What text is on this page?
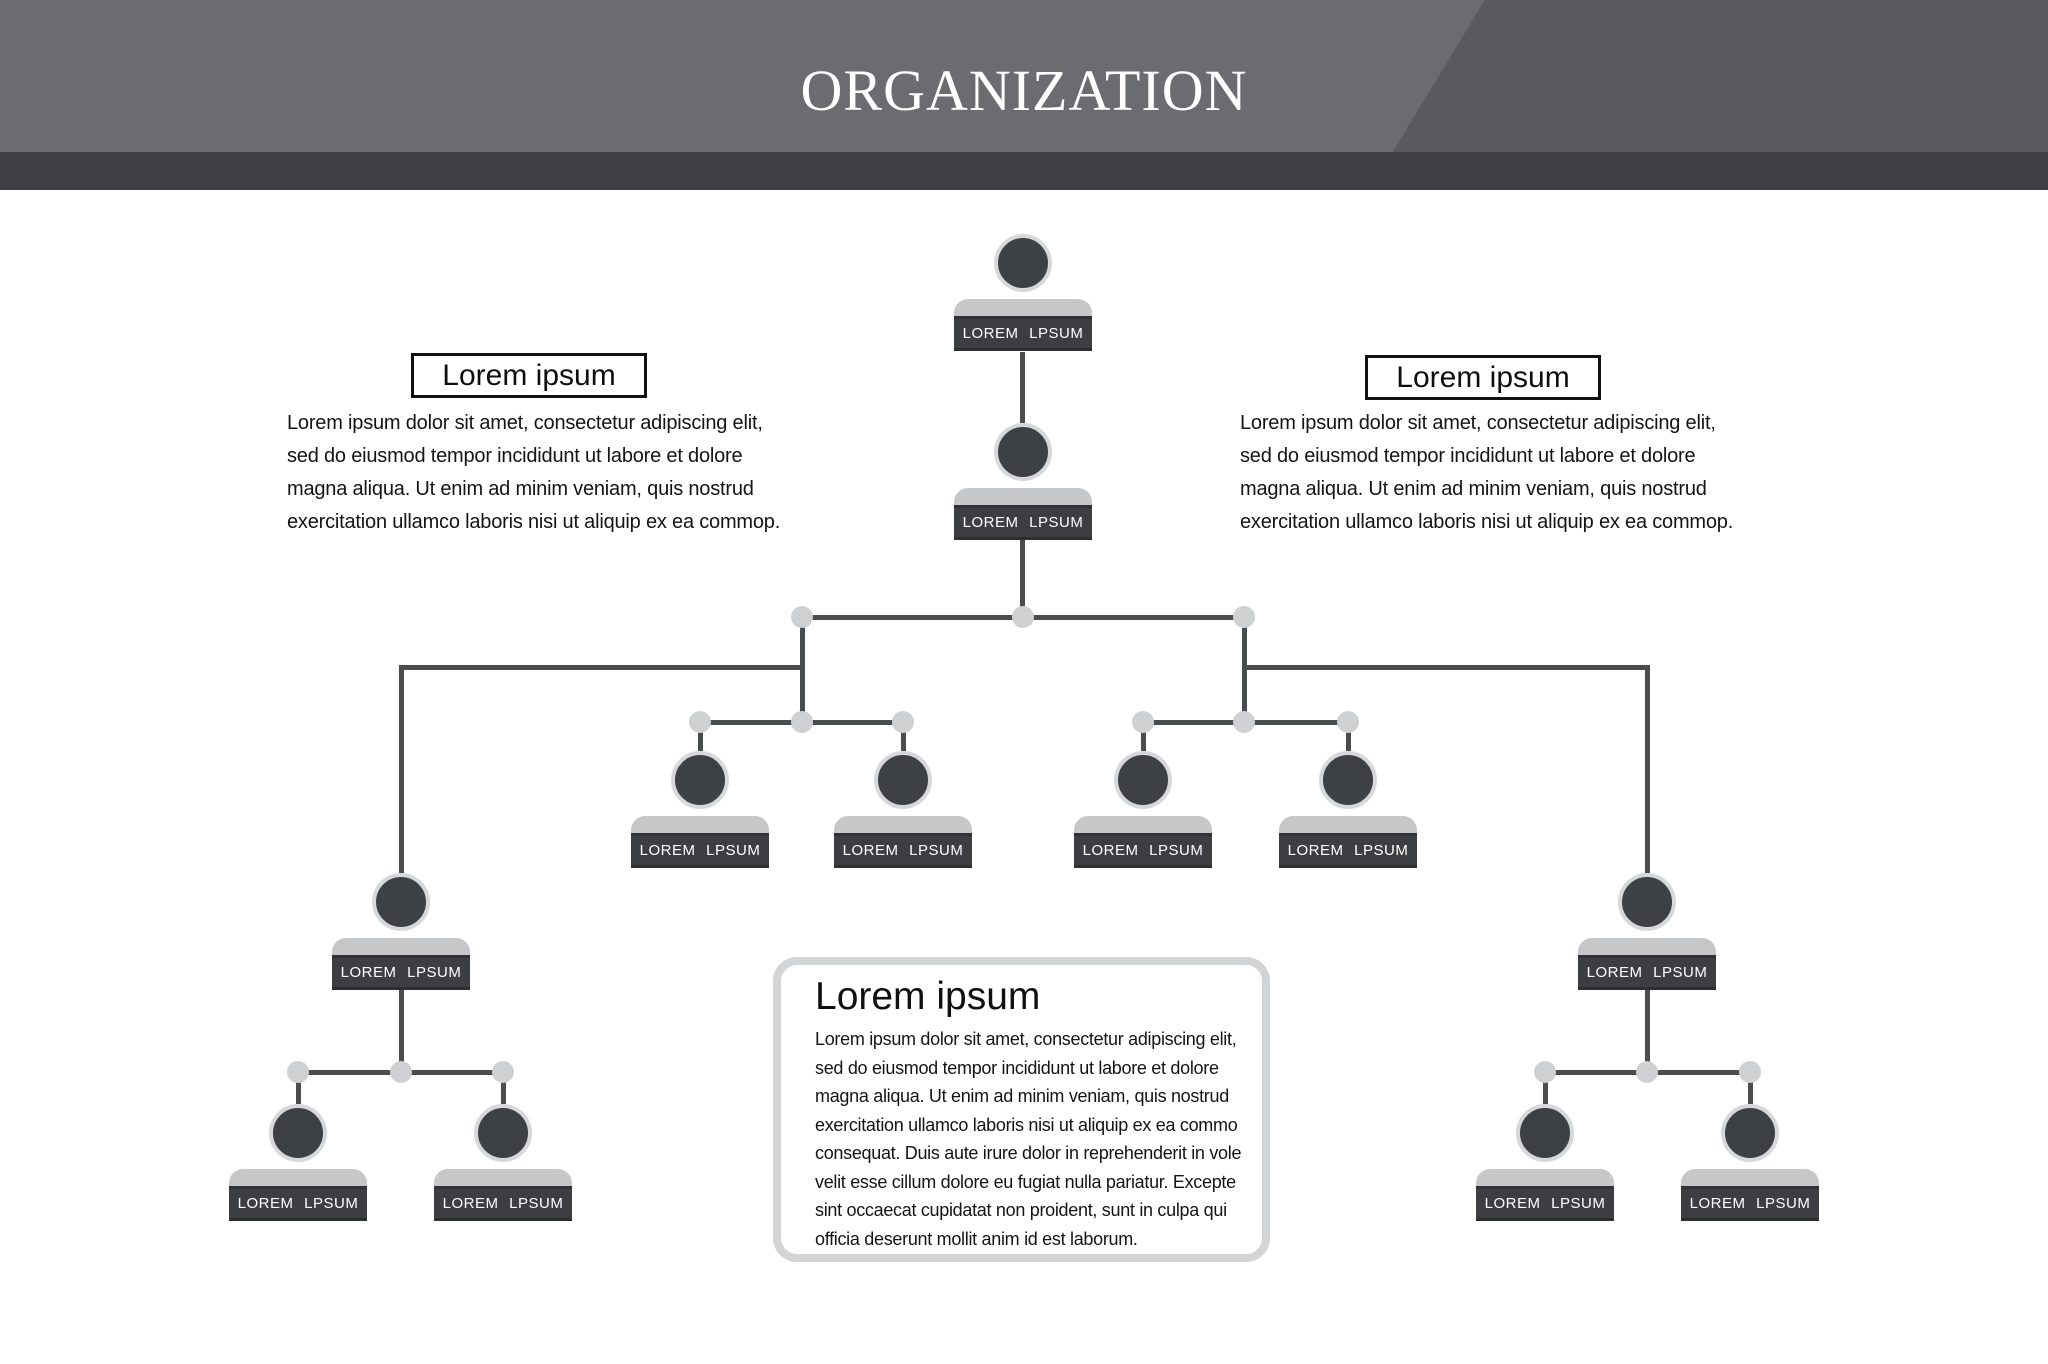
ORGANIZATION
Lorem ipsum
Lorem ipsum dolor sit amet, consectetur adipiscing elit,
sed do eiusmod tempor incididunt ut labore et dolore
magna aliqua. Ut enim ad minim veniam, quis nostrud
exercitation ullamco laboris nisi ut aliquip ex ea commop.
Lorem ipsum
Lorem ipsum dolor sit amet, consectetur adipiscing elit,
sed do eiusmod tempor incididunt ut labore et dolore
magna aliqua. Ut enim ad minim veniam, quis nostrud
exercitation ullamco laboris nisi ut aliquip ex ea commop.
LOREM LPSUM
LOREM LPSUM
LOREM LPSUM	LOREM LPSUM	LOREM LPSUM	LOREM LPSUM
LOREM LPSUM
LOREM LPSUM	LOREM LPSUM
LOREM LPSUM
LOREM LPSUM	LOREM LPSUM
Lorem ipsum
Lorem ipsum dolor sit amet, consectetur adipiscing elit,
sed do eiusmod tempor incididunt ut labore et dolore
magna aliqua. Ut enim ad minim veniam, quis nostrud
exercitation ullamco laboris nisi ut aliquip ex ea commo
consequat. Duis aute irure dolor in reprehenderit in vole
velit esse cillum dolore eu fugiat nulla pariatur. Excepte
sint occaecat cupidatat non proident, sunt in culpa qui
officia deserunt mollit anim id est laborum.
